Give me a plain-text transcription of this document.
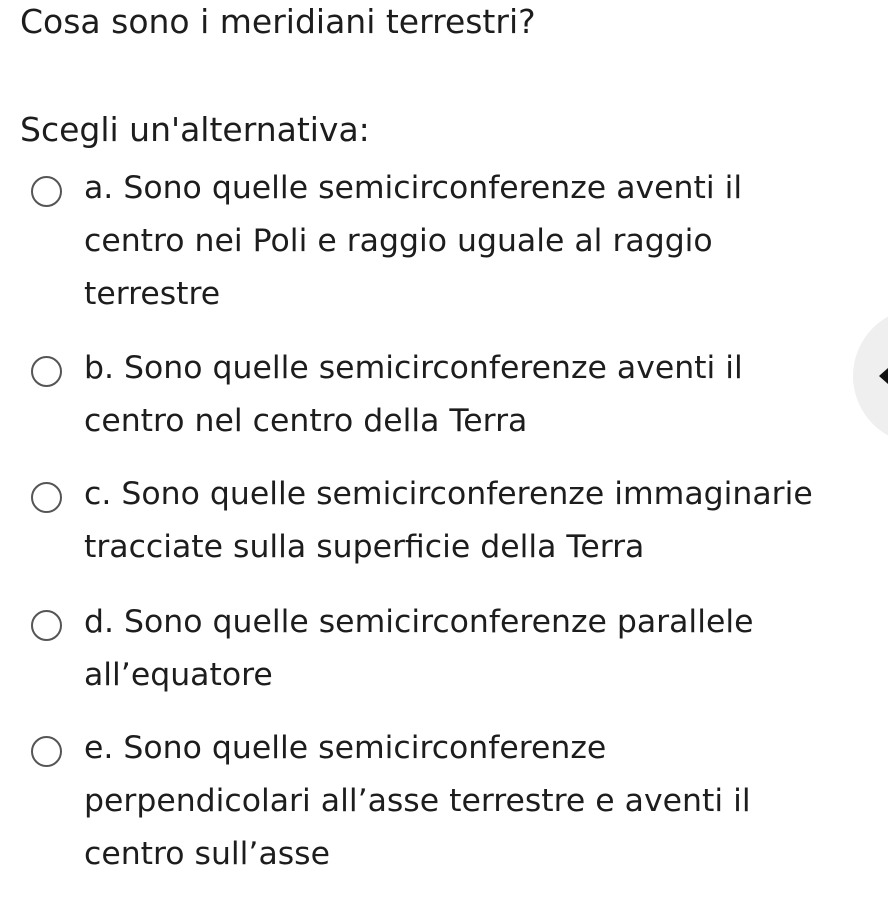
Cosa sono i meridiani terrestri?
Scegli un'alternativa:
a. Sono quelle semicirconferenze aventi il
centro nei Poli e raggio uguale al raggio
terrestre
b. Sono quelle semicirconferenze aventi il
centro nel centro della Terra
c. Sono quelle semicirconferenze immaginarie
tracciate sulla superficie della Terra
d. Sono quelle semicirconferenze parallele
all’equatore
e. Sono quelle semicirconferenze
perpendicolari all’asse terrestre e aventi il
centro sull’asse
